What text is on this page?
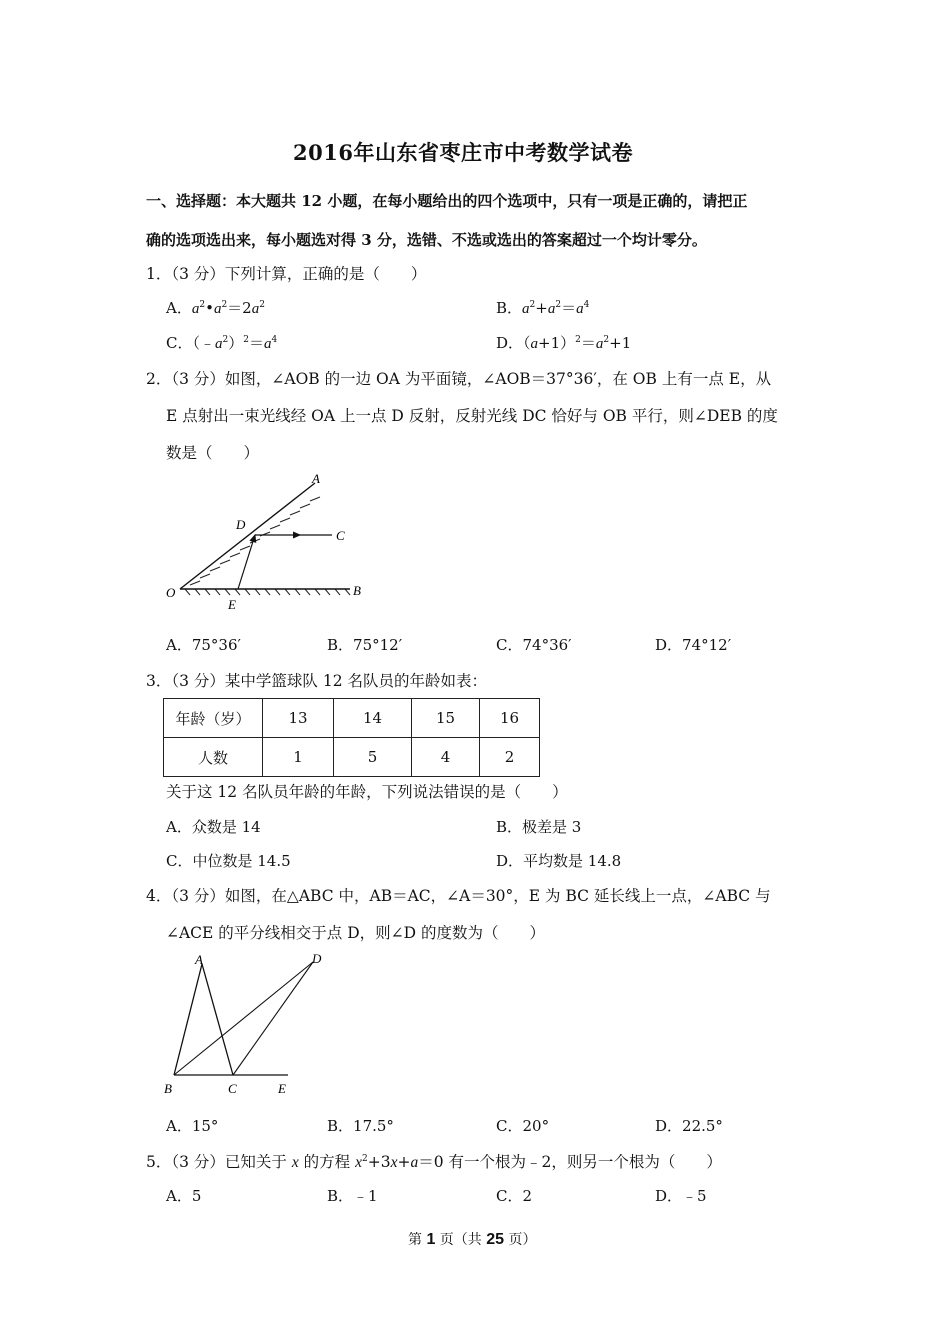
2016年山东省枣庄市中考数学试卷
一、选择题：本大题共 12 小题，在每小题给出的四个选项中，只有一项是正确的，请把正
确的选项选出来，每小题选对得 3 分，选错、不选或选出的答案超过一个均计零分。
1．（3 分）下列计算，正确的是（　　）
A．$a^2•a^2=2a^2$	B．$a^2+a^2=a^4$
C．$(﹣a^2)^2=a^4$	D．$(a+1)^2=a^2+1$
2．（3 分）如图，∠AOB 的一边 OA 为平面镜，∠AOB＝37°36′，在 OB 上有一点 E，从
E 点射出一束光线经 OA 上一点 D 反射，反射光线 DC 恰好与 OB 平行，则∠DEB 的度
数是（　　）
A
D
C
O
E
B
A．75°36′	B．75°12′	C．74°36′	D．74°12′
3．（3 分）某中学篮球队 12 名队员的年龄如表：
年龄（岁）	13	14	15	16
人数	1	5	4	2
关于这 12 名队员年龄的年龄，下列说法错误的是（　　）
A．众数是 14	B．极差是 3
C．中位数是 14.5	D．平均数是 14.8
4．（3 分）如图，在△ABC 中，AB＝AC，∠A＝30°，E 为 BC 延长线上一点，∠ABC 与
∠ACE 的平分线相交于点 D，则∠D 的度数为（　　）
A	D
B	C	E
A．15°	B．17.5°	C．20°	D．22.5°
5．（3 分）已知关于 x 的方程 $x^2+3x+a=0$ 有一个根为﹣2，则另一个根为（　　）
A．5	B．﹣1	C．2	D．﹣5
第 1 页（共 25 页）
